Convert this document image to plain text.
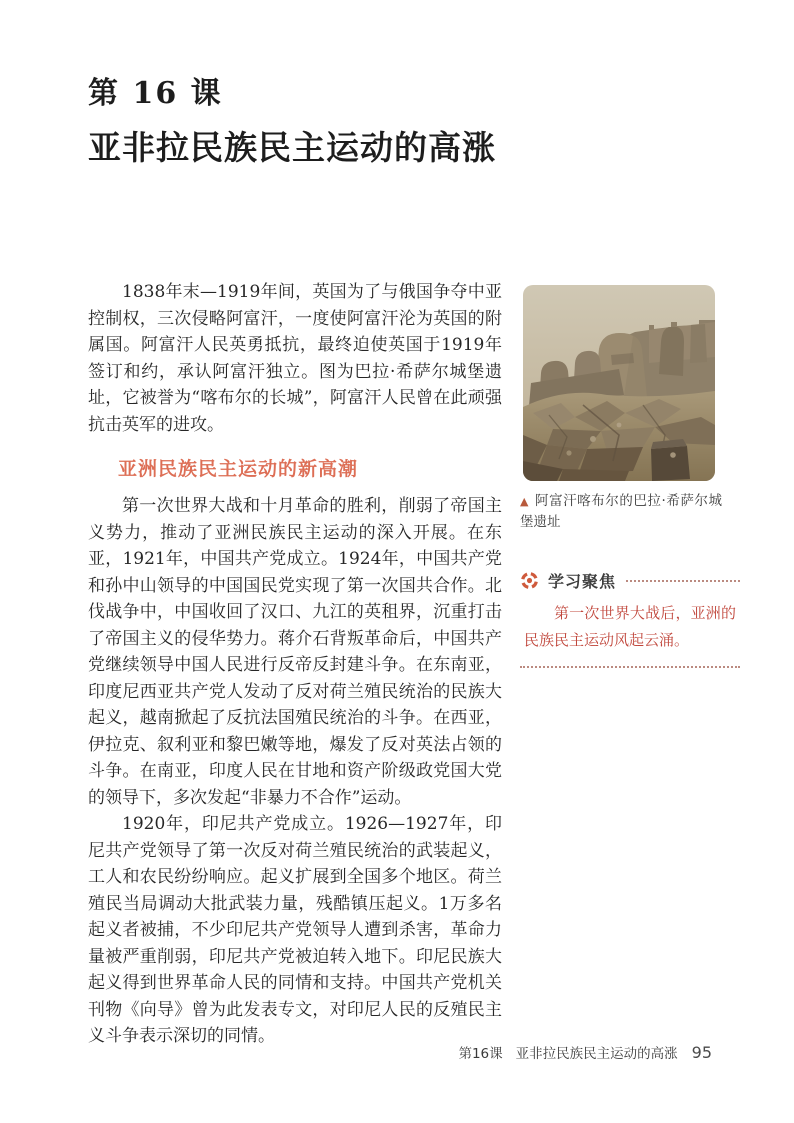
第 16 课
亚非拉民族民主运动的高涨

1838年末—1919年间，英国为了与俄国争夺中亚控制权，三次侵略阿富汗，一度使阿富汗沦为英国的附属国。阿富汗人民英勇抵抗，最终迫使英国于1919年签订和约，承认阿富汗独立。图为巴拉·希萨尔城堡遗址，它被誉为“喀布尔的长城”，阿富汗人民曾在此顽强抗击英军的进攻。

亚洲民族民主运动的新高潮

第一次世界大战和十月革命的胜利，削弱了帝国主义势力，推动了亚洲民族民主运动的深入开展。在东亚，1921年，中国共产党成立。1924年，中国共产党和孙中山领导的中国国民党实现了第一次国共合作。北伐战争中，中国收回了汉口、九江的英租界，沉重打击了帝国主义的侵华势力。蒋介石背叛革命后，中国共产党继续领导中国人民进行反帝反封建斗争。在东南亚，印度尼西亚共产党人发动了反对荷兰殖民统治的民族大起义，越南掀起了反抗法国殖民统治的斗争。在西亚，伊拉克、叙利亚和黎巴嫩等地，爆发了反对英法占领的斗争。在南亚，印度人民在甘地和资产阶级政党国大党的领导下，多次发起“非暴力不合作”运动。

1920年，印尼共产党成立。1926—1927年，印尼共产党领导了第一次反对荷兰殖民统治的武装起义，工人和农民纷纷响应。起义扩展到全国多个地区。荷兰殖民当局调动大批武装力量，残酷镇压起义。1万多名起义者被捕，不少印尼共产党领导人遭到杀害，革命力量被严重削弱，印尼共产党被迫转入地下。印尼民族大起义得到世界革命人民的同情和支持。中国共产党机关刊物《向导》曾为此发表专文，对印尼人民的反殖民主义斗争表示深切的同情。

▲ 阿富汗喀布尔的巴拉·希萨尔城堡遗址

学习聚焦

第一次世界大战后，亚洲的民族民主运动风起云涌。

第16课 亚非拉民族民主运动的高涨 95
